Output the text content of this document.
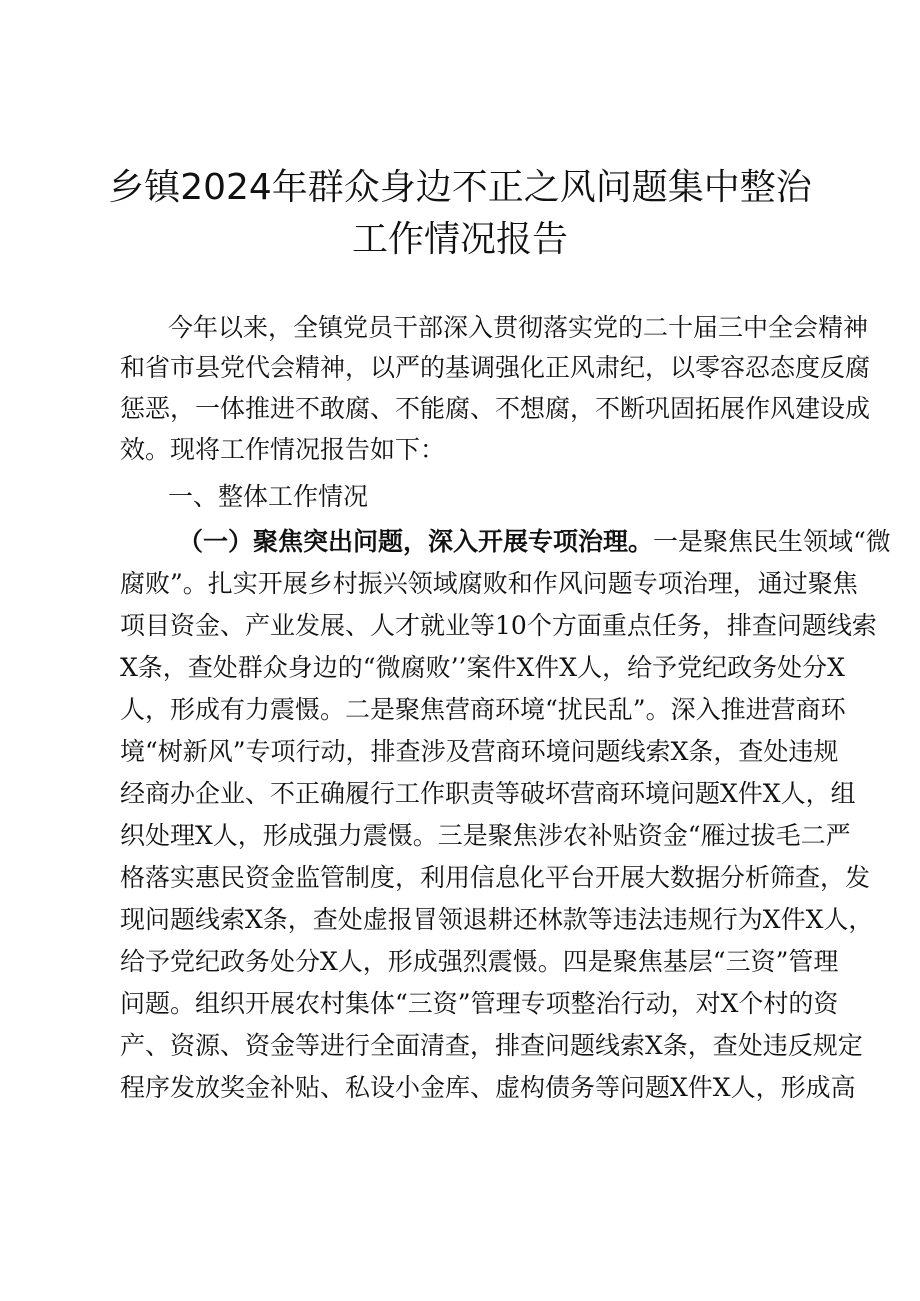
乡镇2024年群众身边不正之风问题集中整治
工作情况报告
今年以来，全镇党员干部深入贯彻落实党的二十届三中全会精神
和省市县党代会精神，以严的基调强化正风肃纪，以零容忍态度反腐
惩恶，一体推进不敢腐、不能腐、不想腐，不断巩固拓展作风建设成
效。现将工作情况报告如下：
一、整体工作情况
（一）聚焦突出问题，深入开展专项治理。一是聚焦民生领域“微
腐败”。扎实开展乡村振兴领域腐败和作风问题专项治理，通过聚焦
项目资金、产业发展、人才就业等10个方面重点任务，排查问题线索
X条，查处群众身边的“微腐败’’案件X件X人，给予党纪政务处分X
人，形成有力震慑。二是聚焦营商环境“扰民乱”。深入推进营商环
境“树新风”专项行动，排查涉及营商环境问题线索X条，查处违规
经商办企业、不正确履行工作职责等破坏营商环境问题X件X人，组
织处理X人，形成强力震慑。三是聚焦涉农补贴资金“雁过拔毛二严
格落实惠民资金监管制度，利用信息化平台开展大数据分析筛查，发
现问题线索X条，查处虚报冒领退耕还林款等违法违规行为X件X人，
给予党纪政务处分X人，形成强烈震慑。四是聚焦基层“三资”管理
问题。组织开展农村集体“三资”管理专项整治行动，对X个村的资
产、资源、资金等进行全面清查，排查问题线索X条，查处违反规定
程序发放奖金补贴、私设小金库、虚构债务等问题X件X人，形成高
